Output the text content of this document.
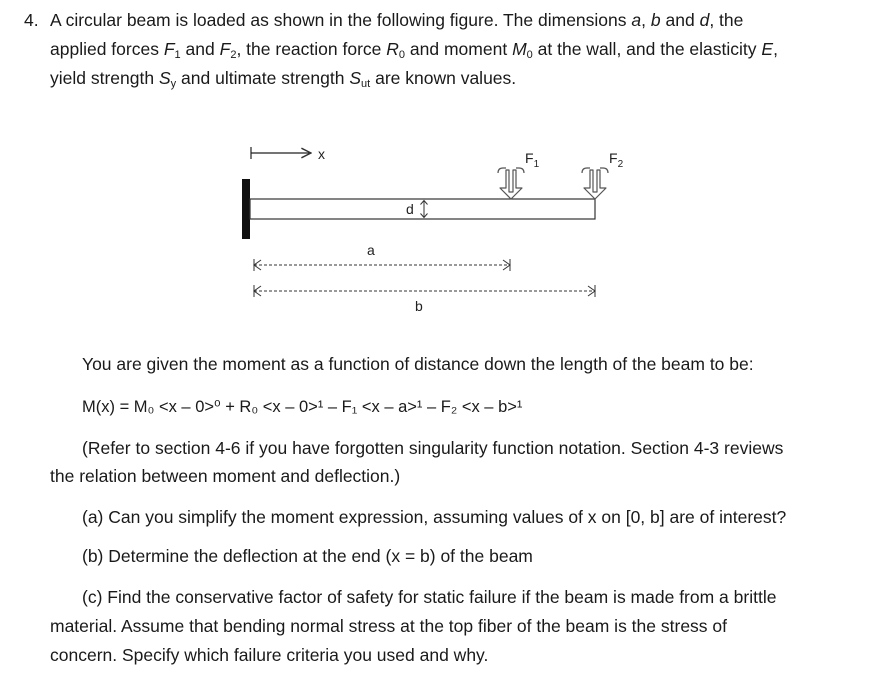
4. A circular beam is loaded as shown in the following figure. The dimensions a, b and d, the
applied forces $F_1$ and $F_2$, the reaction force $R_0$ and moment $M_0$ at the wall, and the elasticity E,
yield strength $S_y$ and ultimate strength $S_{ut}$ are known values.
x
d
$F_1$	$F_2$
a
b
You are given the moment as a function of distance down the length of the beam to be:
M(x) = M₀ <x – 0>⁰ + R₀ <x – 0>¹ – F₁ <x – a>¹ – F₂ <x – b>¹
(Refer to section 4-6 if you have forgotten singularity function notation. Section 4-3 reviews
the relation between moment and deflection.)
(a) Can you simplify the moment expression, assuming values of x on [0, b] are of interest?
(b) Determine the deflection at the end (x = b) of the beam
(c) Find the conservative factor of safety for static failure if the beam is made from a brittle
material. Assume that bending normal stress at the top fiber of the beam is the stress of
concern. Specify which failure criteria you used and why.
